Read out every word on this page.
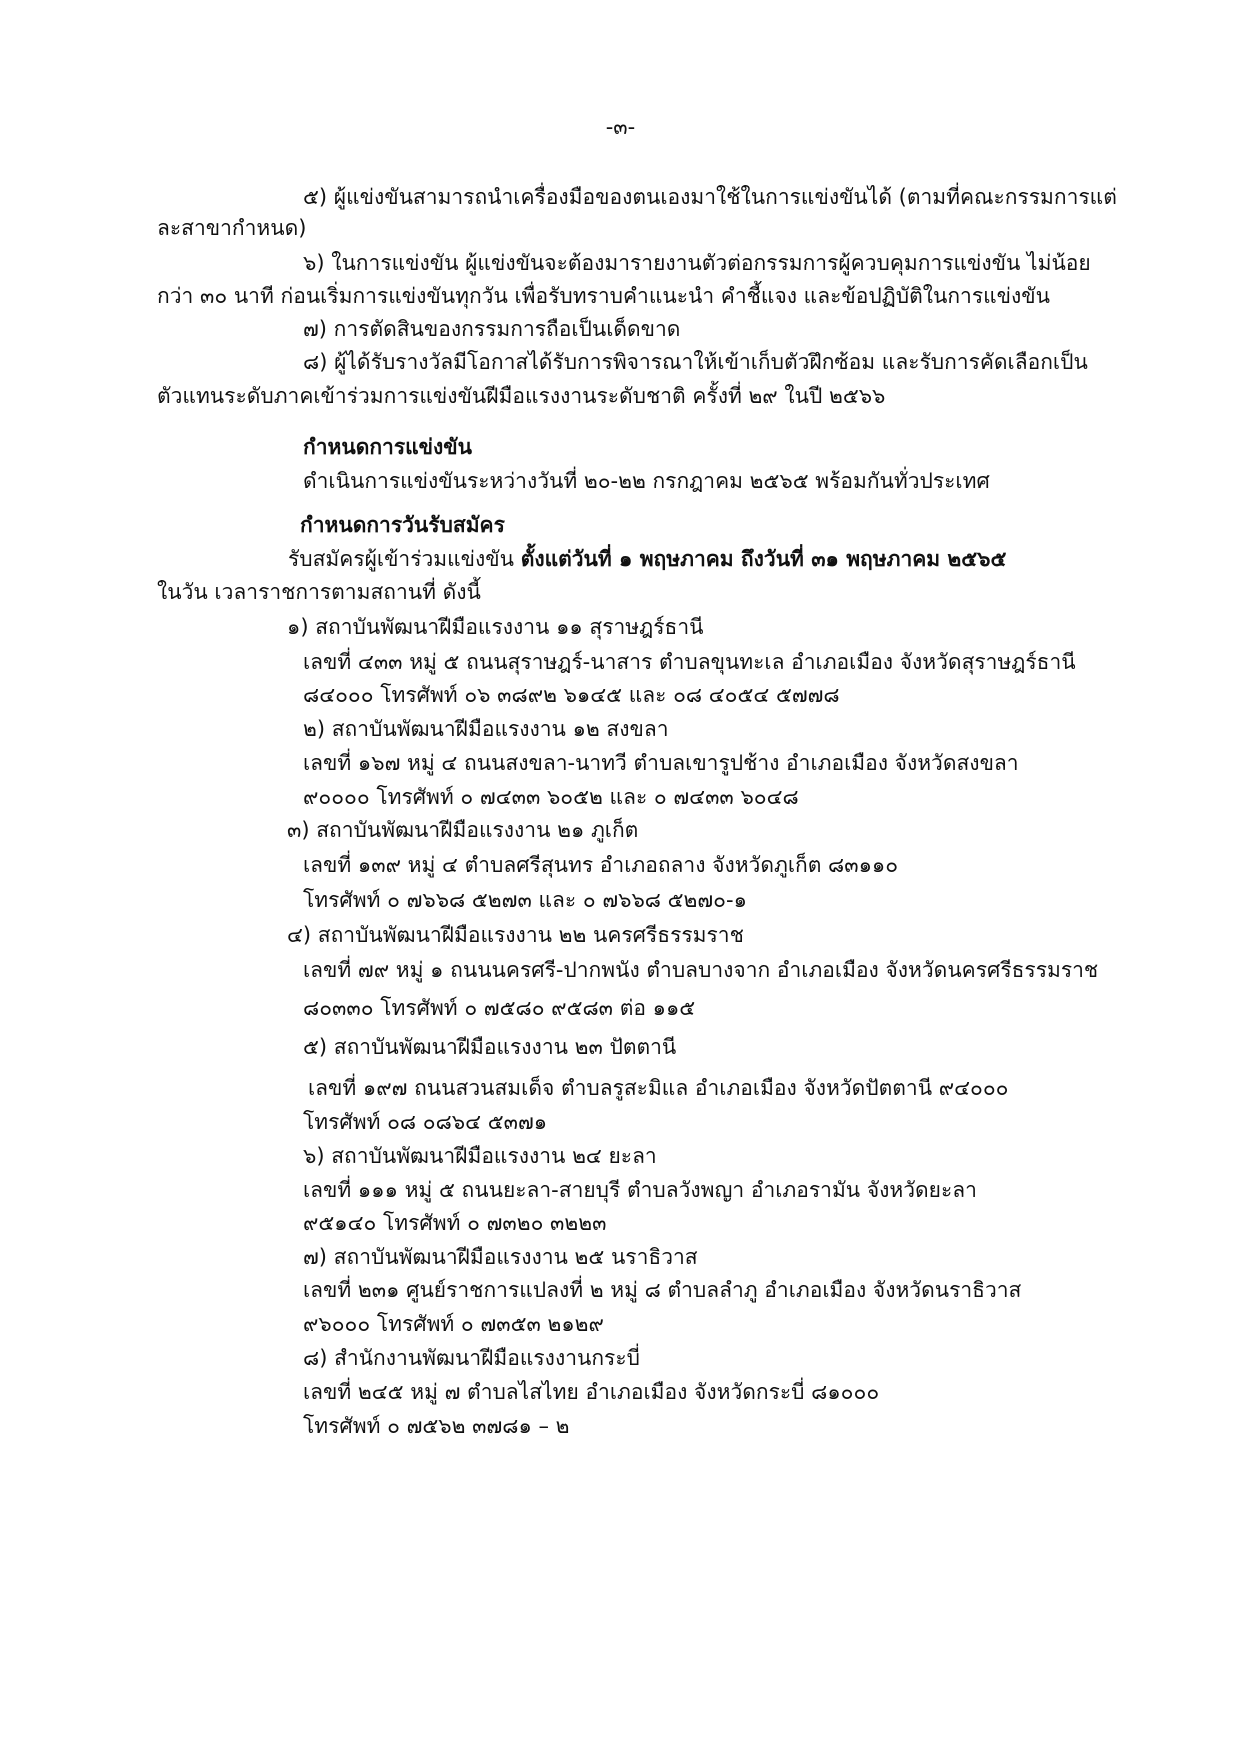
-๓-
๕) ผู้แข่งขันสามารถนำเครื่องมือของตนเองมาใช้ในการแข่งขันได้ (ตามที่คณะกรรมการแต่
ละสาขากำหนด)
๖) ในการแข่งขัน ผู้แข่งขันจะต้องมารายงานตัวต่อกรรมการผู้ควบคุมการแข่งขัน ไม่น้อย
กว่า ๓๐ นาที ก่อนเริ่มการแข่งขันทุกวัน เพื่อรับทราบคำแนะนำ คำชี้แจง และข้อปฏิบัติในการแข่งขัน
๗) การตัดสินของกรรมการถือเป็นเด็ดขาด
๘) ผู้ได้รับรางวัลมีโอกาสได้รับการพิจารณาให้เข้าเก็บตัวฝึกซ้อม และรับการคัดเลือกเป็น
ตัวแทนระดับภาคเข้าร่วมการแข่งขันฝีมือแรงงานระดับชาติ ครั้งที่ ๒๙ ในปี ๒๕๖๖
กำหนดการแข่งขัน
ดำเนินการแข่งขันระหว่างวันที่ ๒๐-๒๒ กรกฎาคม ๒๕๖๕ พร้อมกันทั่วประเทศ
กำหนดการวันรับสมัคร
รับสมัครผู้เข้าร่วมแข่งขัน ตั้งแต่วันที่ ๑ พฤษภาคม ถึงวันที่ ๓๑ พฤษภาคม ๒๕๖๕
ในวัน เวลาราชการตามสถานที่ ดังนี้
๑) สถาบันพัฒนาฝีมือแรงงาน ๑๑ สุราษฎร์ธานี
เลขที่ ๔๓๓ หมู่ ๕ ถนนสุราษฎร์-นาสาร ตำบลขุนทะเล อำเภอเมือง จังหวัดสุราษฎร์ธานี
๘๔๐๐๐ โทรศัพท์ ๐๖ ๓๘๙๒ ๖๑๔๕ และ ๐๘ ๔๐๕๔ ๕๗๗๘
๒) สถาบันพัฒนาฝีมือแรงงาน ๑๒ สงขลา
เลขที่ ๑๖๗ หมู่ ๔ ถนนสงขลา-นาทวี ตำบลเขารูปช้าง อำเภอเมือง จังหวัดสงขลา
๙๐๐๐๐ โทรศัพท์ ๐ ๗๔๓๓ ๖๐๕๒ และ ๐ ๗๔๓๓ ๖๐๔๘
๓) สถาบันพัฒนาฝีมือแรงงาน ๒๑ ภูเก็ต
เลขที่ ๑๓๙ หมู่ ๔ ตำบลศรีสุนทร อำเภอถลาง จังหวัดภูเก็ต ๘๓๑๑๐
โทรศัพท์ ๐ ๗๖๖๘ ๕๒๗๓ และ ๐ ๗๖๖๘ ๕๒๗๐-๑
๔) สถาบันพัฒนาฝีมือแรงงาน ๒๒ นครศรีธรรมราช
เลขที่ ๗๙ หมู่ ๑ ถนนนครศรี-ปากพนัง ตำบลบางจาก อำเภอเมือง จังหวัดนครศรีธรรมราช
๘๐๓๓๐ โทรศัพท์ ๐ ๗๕๘๐ ๙๕๘๓ ต่อ ๑๑๕
๕) สถาบันพัฒนาฝีมือแรงงาน ๒๓ ปัตตานี
เลขที่ ๑๙๗ ถนนสวนสมเด็จ ตำบลรูสะมิแล อำเภอเมือง จังหวัดปัตตานี ๙๔๐๐๐
โทรศัพท์ ๐๘ ๐๘๖๔ ๕๓๗๑
๖) สถาบันพัฒนาฝีมือแรงงาน ๒๔ ยะลา
เลขที่ ๑๑๑ หมู่ ๕ ถนนยะลา-สายบุรี ตำบลวังพญา อำเภอรามัน จังหวัดยะลา
๙๕๑๔๐ โทรศัพท์ ๐ ๗๓๒๐ ๓๒๒๓
๗) สถาบันพัฒนาฝีมือแรงงาน ๒๕ นราธิวาส
เลขที่ ๒๓๑ ศูนย์ราชการแปลงที่ ๒ หมู่ ๘ ตำบลลำภู อำเภอเมือง จังหวัดนราธิวาส
๙๖๐๐๐ โทรศัพท์ ๐ ๗๓๕๓ ๒๑๒๙
๘) สำนักงานพัฒนาฝีมือแรงงานกระบี่
เลขที่ ๒๔๕ หมู่ ๗ ตำบลไสไทย อำเภอเมือง จังหวัดกระบี่ ๘๑๐๐๐
โทรศัพท์ ๐ ๗๕๖๒ ๓๗๘๑ – ๒
